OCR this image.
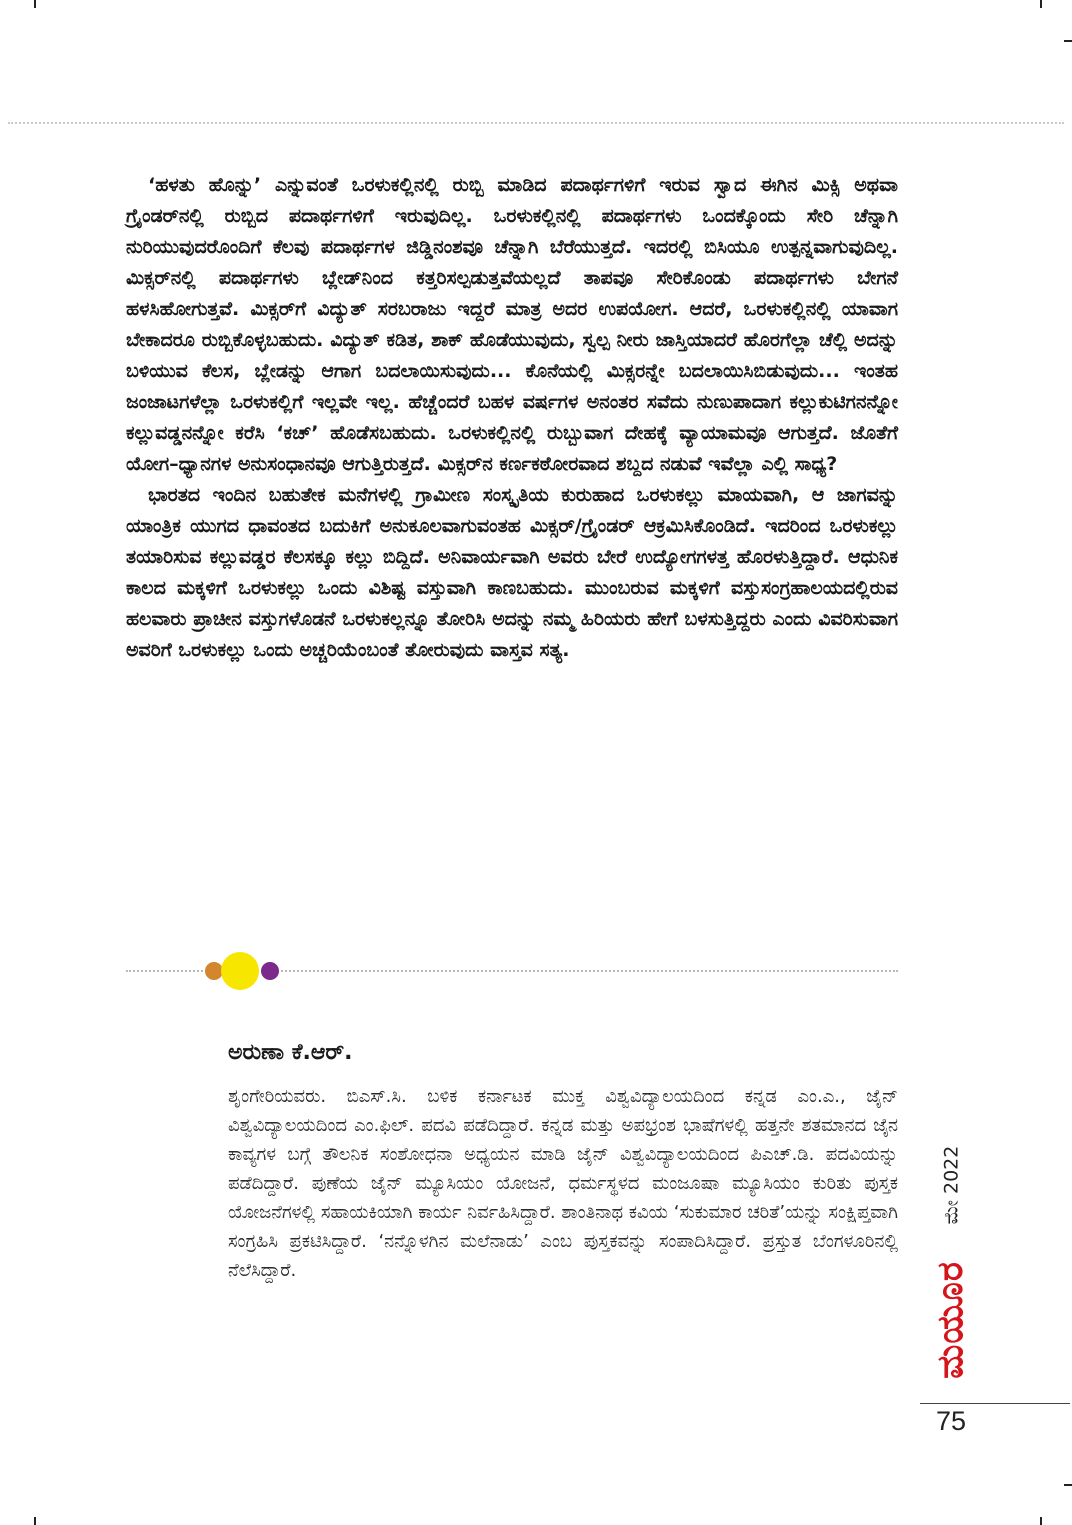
‘ಹಳತು ಹೊನ್ನು’ ಎನ್ನುವಂತೆ ಒರಳುಕಲ್ಲಿನಲ್ಲಿ ರುಬ್ಬಿ ಮಾಡಿದ ಪದಾರ್ಥಗಳಿಗೆ ಇರುವ ಸ್ವಾದ ಈಗಿನ ಮಿಕ್ಸಿ ಅಥವಾ ಗ್ರೈಂಡರ್‌ನಲ್ಲಿ ರುಬ್ಬಿದ ಪದಾರ್ಥಗಳಿಗೆ ಇರುವುದಿಲ್ಲ. ಒರಳುಕಲ್ಲಿನಲ್ಲಿ ಪದಾರ್ಥಗಳು ಒಂದಕ್ಕೊಂದು ಸೇರಿ ಚೆನ್ನಾಗಿ ನುರಿಯುವುದರೊಂದಿಗೆ ಕೆಲವು ಪದಾರ್ಥಗಳ ಜಿಡ್ಡಿನಂಶವೂ ಚೆನ್ನಾಗಿ ಬೆರೆಯುತ್ತದೆ. ಇದರಲ್ಲಿ ಬಿಸಿಯೂ ಉತ್ಪನ್ನವಾಗುವುದಿಲ್ಲ. ಮಿಕ್ಸರ್‌ನಲ್ಲಿ ಪದಾರ್ಥಗಳು ಬ್ಲೇಡ್‌ನಿಂದ ಕತ್ತರಿಸಲ್ಪಡುತ್ತವೆಯಲ್ಲದೆ ತಾಪವೂ ಸೇರಿಕೊಂಡು ಪದಾರ್ಥಗಳು ಬೇಗನೆ ಹಳಸಿಹೋಗುತ್ತವೆ. ಮಿಕ್ಸರ್‌ಗೆ ವಿದ್ಯುತ್ ಸರಬರಾಜು ಇದ್ದರೆ ಮಾತ್ರ ಅದರ ಉಪಯೋಗ. ಆದರೆ, ಒರಳುಕಲ್ಲಿನಲ್ಲಿ ಯಾವಾಗ ಬೇಕಾದರೂ ರುಬ್ಬಿಕೊಳ್ಳಬಹುದು. ವಿದ್ಯುತ್ ಕಡಿತ, ಶಾಕ್ ಹೊಡೆಯುವುದು, ಸ್ವಲ್ಪ ನೀರು ಜಾಸ್ತಿಯಾದರೆ ಹೊರಗೆಲ್ಲಾ ಚೆಲ್ಲಿ ಅದನ್ನು ಬಳಿಯುವ ಕೆಲಸ, ಬ್ಲೇಡನ್ನು ಆಗಾಗ ಬದಲಾಯಿಸುವುದು... ಕೊನೆಯಲ್ಲಿ ಮಿಕ್ಸರನ್ನೇ ಬದಲಾಯಿಸಿಬಿಡುವುದು... ಇಂತಹ ಜಂಜಾಟಗಳೆಲ್ಲಾ ಒರಳುಕಲ್ಲಿಗೆ ಇಲ್ಲವೇ ಇಲ್ಲ. ಹೆಚ್ಚೆಂದರೆ ಬಹಳ ವರ್ಷಗಳ ಅನಂತರ ಸವೆದು ನುಣುಪಾದಾಗ ಕಲ್ಲುಕುಟಿಗನನ್ನೋ ಕಲ್ಲುವಡ್ಡನನ್ನೋ ಕರೆಸಿ ‘ಕಚ್’ ಹೊಡೆಸಬಹುದು. ಒರಳುಕಲ್ಲಿನಲ್ಲಿ ರುಬ್ಬುವಾಗ ದೇಹಕ್ಕೆ ವ್ಯಾಯಾಮವೂ ಆಗುತ್ತದೆ. ಜೊತೆಗೆ ಯೋಗ–ಧ್ಯಾನಗಳ ಅನುಸಂಧಾನವೂ ಆಗುತ್ತಿರುತ್ತದೆ. ಮಿಕ್ಸರ್‌ನ ಕರ್ಣಕಠೋರವಾದ ಶಬ್ದದ ನಡುವೆ ಇವೆಲ್ಲಾ ಎಲ್ಲಿ ಸಾಧ್ಯ?

ಭಾರತದ ಇಂದಿನ ಬಹುತೇಕ ಮನೆಗಳಲ್ಲಿ ಗ್ರಾಮೀಣ ಸಂಸ್ಕೃತಿಯ ಕುರುಹಾದ ಒರಳುಕಲ್ಲು ಮಾಯವಾಗಿ, ಆ ಜಾಗವನ್ನು ಯಾಂತ್ರಿಕ ಯುಗದ ಧಾವಂತದ ಬದುಕಿಗೆ ಅನುಕೂಲವಾಗುವಂತಹ ಮಿಕ್ಸರ್/ಗ್ರೈಂಡರ್ ಆಕ್ರಮಿಸಿಕೊಂಡಿದೆ. ಇದರಿಂದ ಒರಳುಕಲ್ಲು ತಯಾರಿಸುವ ಕಲ್ಲುವಡ್ಡರ ಕೆಲಸಕ್ಕೂ ಕಲ್ಲು ಬಿದ್ದಿದೆ. ಅನಿವಾರ್ಯವಾಗಿ ಅವರು ಬೇರೆ ಉದ್ಯೋಗಗಳತ್ತ ಹೊರಳುತ್ತಿದ್ದಾರೆ. ಆಧುನಿಕ ಕಾಲದ ಮಕ್ಕಳಿಗೆ ಒರಳುಕಲ್ಲು ಒಂದು ವಿಶಿಷ್ಟ ವಸ್ತುವಾಗಿ ಕಾಣಬಹುದು. ಮುಂಬರುವ ಮಕ್ಕಳಿಗೆ ವಸ್ತುಸಂಗ್ರಹಾಲಯದಲ್ಲಿರುವ ಹಲವಾರು ಪ್ರಾಚೀನ ವಸ್ತುಗಳೊಡನೆ ಒರಳುಕಲ್ಲನ್ನೂ ತೋರಿಸಿ ಅದನ್ನು ನಮ್ಮ ಹಿರಿಯರು ಹೇಗೆ ಬಳಸುತ್ತಿದ್ದರು ಎಂದು ವಿವರಿಸುವಾಗ ಅವರಿಗೆ ಒರಳುಕಲ್ಲು ಒಂದು ಅಚ್ಚರಿಯೆಂಬಂತೆ ತೋರುವುದು ವಾಸ್ತವ ಸತ್ಯ.

ಅರುಣಾ ಕೆ.ಆರ್.
ಶೃಂಗೇರಿಯವರು. ಬಿಎಸ್.ಸಿ. ಬಳಿಕ ಕರ್ನಾಟಕ ಮುಕ್ತ ವಿಶ್ವವಿದ್ಯಾಲಯದಿಂದ ಕನ್ನಡ ಎಂ.ಎ., ಜೈನ್ ವಿಶ್ವವಿದ್ಯಾಲಯದಿಂದ ಎಂ.ಫಿಲ್. ಪದವಿ ಪಡೆದಿದ್ದಾರೆ. ಕನ್ನಡ ಮತ್ತು ಅಪಭ್ರಂಶ ಭಾಷೆಗಳಲ್ಲಿ ಹತ್ತನೇ ಶತಮಾನದ ಜೈನ ಕಾವ್ಯಗಳ ಬಗ್ಗೆ ತೌಲನಿಕ ಸಂಶೋಧನಾ ಅಧ್ಯಯನ ಮಾಡಿ ಜೈನ್ ವಿಶ್ವವಿದ್ಯಾಲಯದಿಂದ ಪಿಎಚ್.ಡಿ. ಪದವಿಯನ್ನು ಪಡೆದಿದ್ದಾರೆ. ಪುಣೆಯ ಜೈನ್ ಮ್ಯೂಸಿಯಂ ಯೋಜನೆ, ಧರ್ಮಸ್ಥಳದ ಮಂಜೂಷಾ ಮ್ಯೂಸಿಯಂ ಕುರಿತು ಪುಸ್ತಕ ಯೋಜನೆಗಳಲ್ಲಿ ಸಹಾಯಕಿಯಾಗಿ ಕಾರ್ಯ ನಿರ್ವಹಿಸಿದ್ದಾರೆ. ಶಾಂತಿನಾಥ ಕವಿಯ ‘ಸುಕುಮಾರ ಚರಿತೆ’ಯನ್ನು ಸಂಕ್ಷಿಪ್ತವಾಗಿ ಸಂಗ್ರಹಿಸಿ ಪ್ರಕಟಿಸಿದ್ದಾರೆ. ‘ನನ್ನೊಳಗಿನ ಮಲೆನಾಡು’ ಎಂಬ ಪುಸ್ತಕವನ್ನು ಸಂಪಾದಿಸಿದ್ದಾರೆ. ಪ್ರಸ್ತುತ ಬೆಂಗಳೂರಿನಲ್ಲಿ ನೆಲೆಸಿದ್ದಾರೆ.
ಮೇ 2022
ಮಯೂರ
75
